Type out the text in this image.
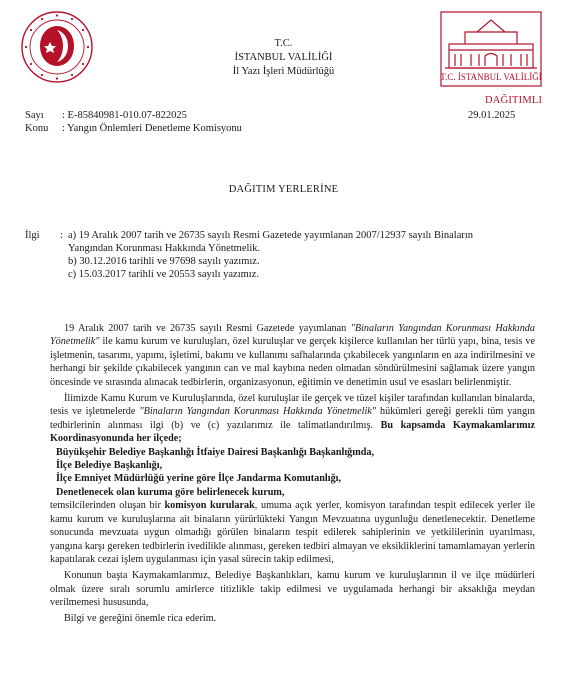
T.C.
İSTANBUL VALİLİĞİ
İl Yazı İşleri Müdürlüğü	T.C. İSTANBUL VALİLİĞİ
DAĞITIMLI
29.01.2025
Sayı : E-85840981-010.07-822025
Konu : Yangın Önlemleri Denetleme Komisyonu
DAĞITIM YERLERİNE
İlgi : a) 19 Aralık 2007 tarih ve 26735 sayılı Resmi Gazetede yayımlanan 2007/12937 sayılı Binaların
Yangından Korunması Hakkında Yönetmelik.
b) 30.12.2016 tarihli ve 97698 sayılı yazımız.
c) 15.03.2017 tarihli ve 20553 sayılı yazımız.

19 Aralık 2007 tarih ve 26735 sayılı Resmi Gazetede yayımlanan "Binaların Yangından Korunması Hakkında Yönetmelik" ile kamu kurum ve kuruluşları, özel kuruluşlar ve gerçek kişilerce kullanılan her türlü yapı, bina, tesis ve işletmenin, tasarımı, yapımı, işletimi, bakımı ve kullanımı safhalarında çıkabilecek yangınların en aza indirilmesini ve herhangi bir şekilde çıkabilecek yangının can ve mal kaybına neden olmadan söndürülmesini sağlamak üzere yangın öncesinde ve sırasında alınacak tedbirlerin, organizasyonun, eğitimin ve denetimin usul ve esasları belirlenmiştir.

İlimizde Kamu Kurum ve Kuruluşlarında, özel kuruluşlar ile gerçek ve tüzel kişiler tarafından kullanılan binalarda, tesis ve işletmelerde "Binaların Yangından Korunması Hakkında Yönetmelik" hükümleri gereği gerekli tüm yangın tedbirlerinin alınması ilgi (b) ve (c) yazılarımız ile talimatlandırılmış. Bu kapsamda Kaymakamlarımız Koordinasyonunda her ilçede;

Büyükşehir Belediye Başkanlığı İtfaiye Dairesi Başkanlığı Başkanlığında,

İlçe Belediye Başkanlığı,

İlçe Emniyet Müdürlüğü yerine göre İlçe Jandarma Komutanlığı,

Denetlenecek olan kuruma göre belirlenecek kurum,

temsilcilerinden oluşan bir komisyon kurularak, umuma açık yerler, komisyon tarafından tespit edilecek yerler ile kamu kurum ve kuruluşlarına ait binaların yürürlükteki Yangın Mevzuatına uygunluğu denetlenecektir. Denetleme sonucunda mevzuata uygun olmadığı görülen binaların tespit edilerek sahiplerinin ve yetkililerinin uyarılması, yangına karşı gereken tedbirlerin ivedilikle alınması, gereken tedbiri almayan ve eksikliklerini tamamlamayan yerlerin kapatılarak cezai işlem uygulanması için yasal sürecin takip edilmesi,

Konunun başta Kaymakamlarımız, Belediye Başkanlıkları, kamu kurum ve kuruluşlarının il ve ilçe müdürleri olmak üzere sıralı sorumlu amirlerce titizlikle takip edilmesi ve uygulamada herhangi bir aksaklığa meydan verilmemesi hususunda,

Bilgi ve gereğini önemle rica ederim.
